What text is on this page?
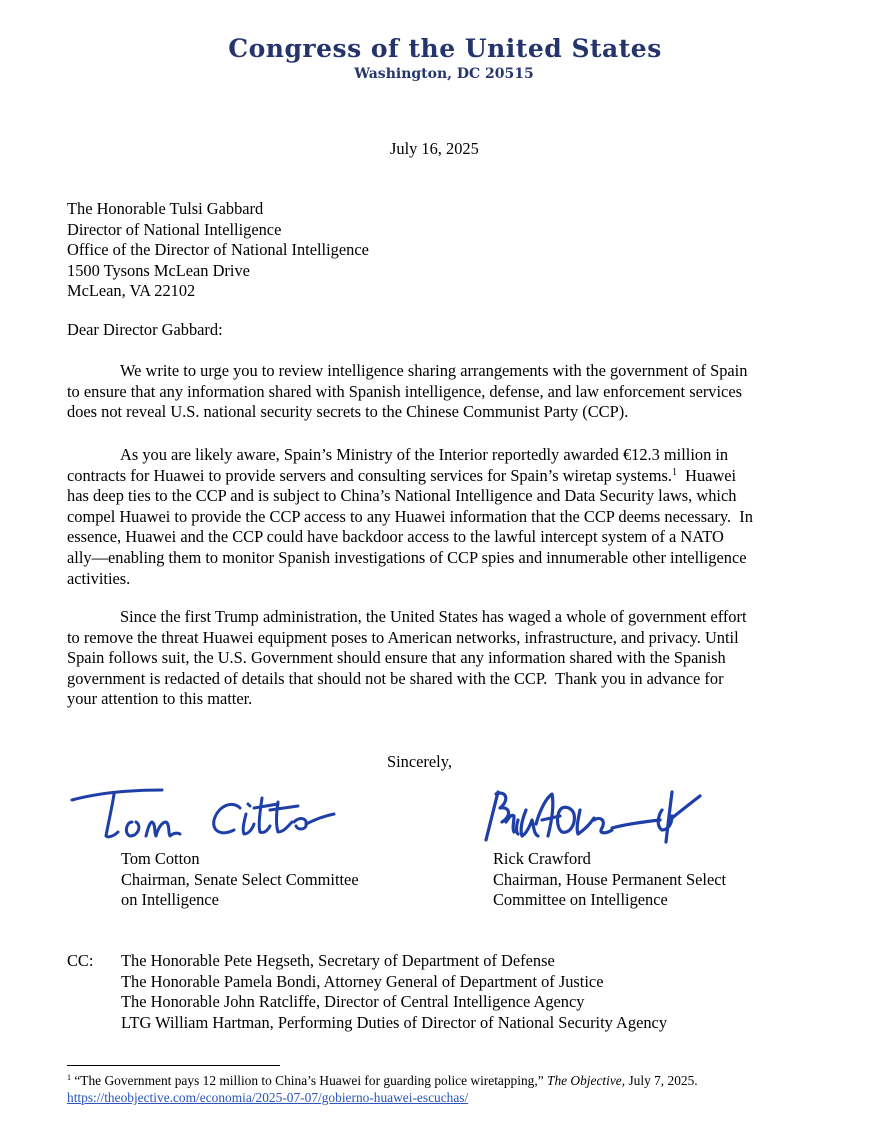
Congress of the United States
Washington, DC 20515
July 16, 2025
The Honorable Tulsi Gabbard
Director of National Intelligence
Office of the Director of National Intelligence
1500 Tysons McLean Drive
McLean, VA 22102
Dear Director Gabbard:
We write to urge you to review intelligence sharing arrangements with the government of Spain
to ensure that any information shared with Spanish intelligence, defense, and law enforcement services
does not reveal U.S. national security secrets to the Chinese Communist Party (CCP).
As you are likely aware, Spain’s Ministry of the Interior reportedly awarded €12.3 million in
contracts for Huawei to provide servers and consulting services for Spain’s wiretap systems.$^1$  Huawei
has deep ties to the CCP and is subject to China’s National Intelligence and Data Security laws, which
compel Huawei to provide the CCP access to any Huawei information that the CCP deems necessary.  In
essence, Huawei and the CCP could have backdoor access to the lawful intercept system of a NATO
ally—enabling them to monitor Spanish investigations of CCP spies and innumerable other intelligence
activities.
Since the first Trump administration, the United States has waged a whole of government effort
to remove the threat Huawei equipment poses to American networks, infrastructure, and privacy. Until
Spain follows suit, the U.S. Government should ensure that any information shared with the Spanish
government is redacted of details that should not be shared with the CCP.  Thank you in advance for
your attention to this matter.
Sincerely,
Tom Cotton
Chairman, Senate Select Committee
on Intelligence
Rick Crawford
Chairman, House Permanent Select
Committee on Intelligence
CC: The Honorable Pete Hegseth, Secretary of Department of Defense
The Honorable Pamela Bondi, Attorney General of Department of Justice
The Honorable John Ratcliffe, Director of Central Intelligence Agency
LTG William Hartman, Performing Duties of Director of National Security Agency
$^1$ “The Government pays 12 million to China’s Huawei for guarding police wiretapping,” The Objective, July 7, 2025.
https://theobjective.com/economia/2025-07-07/gobierno-huawei-escuchas/
